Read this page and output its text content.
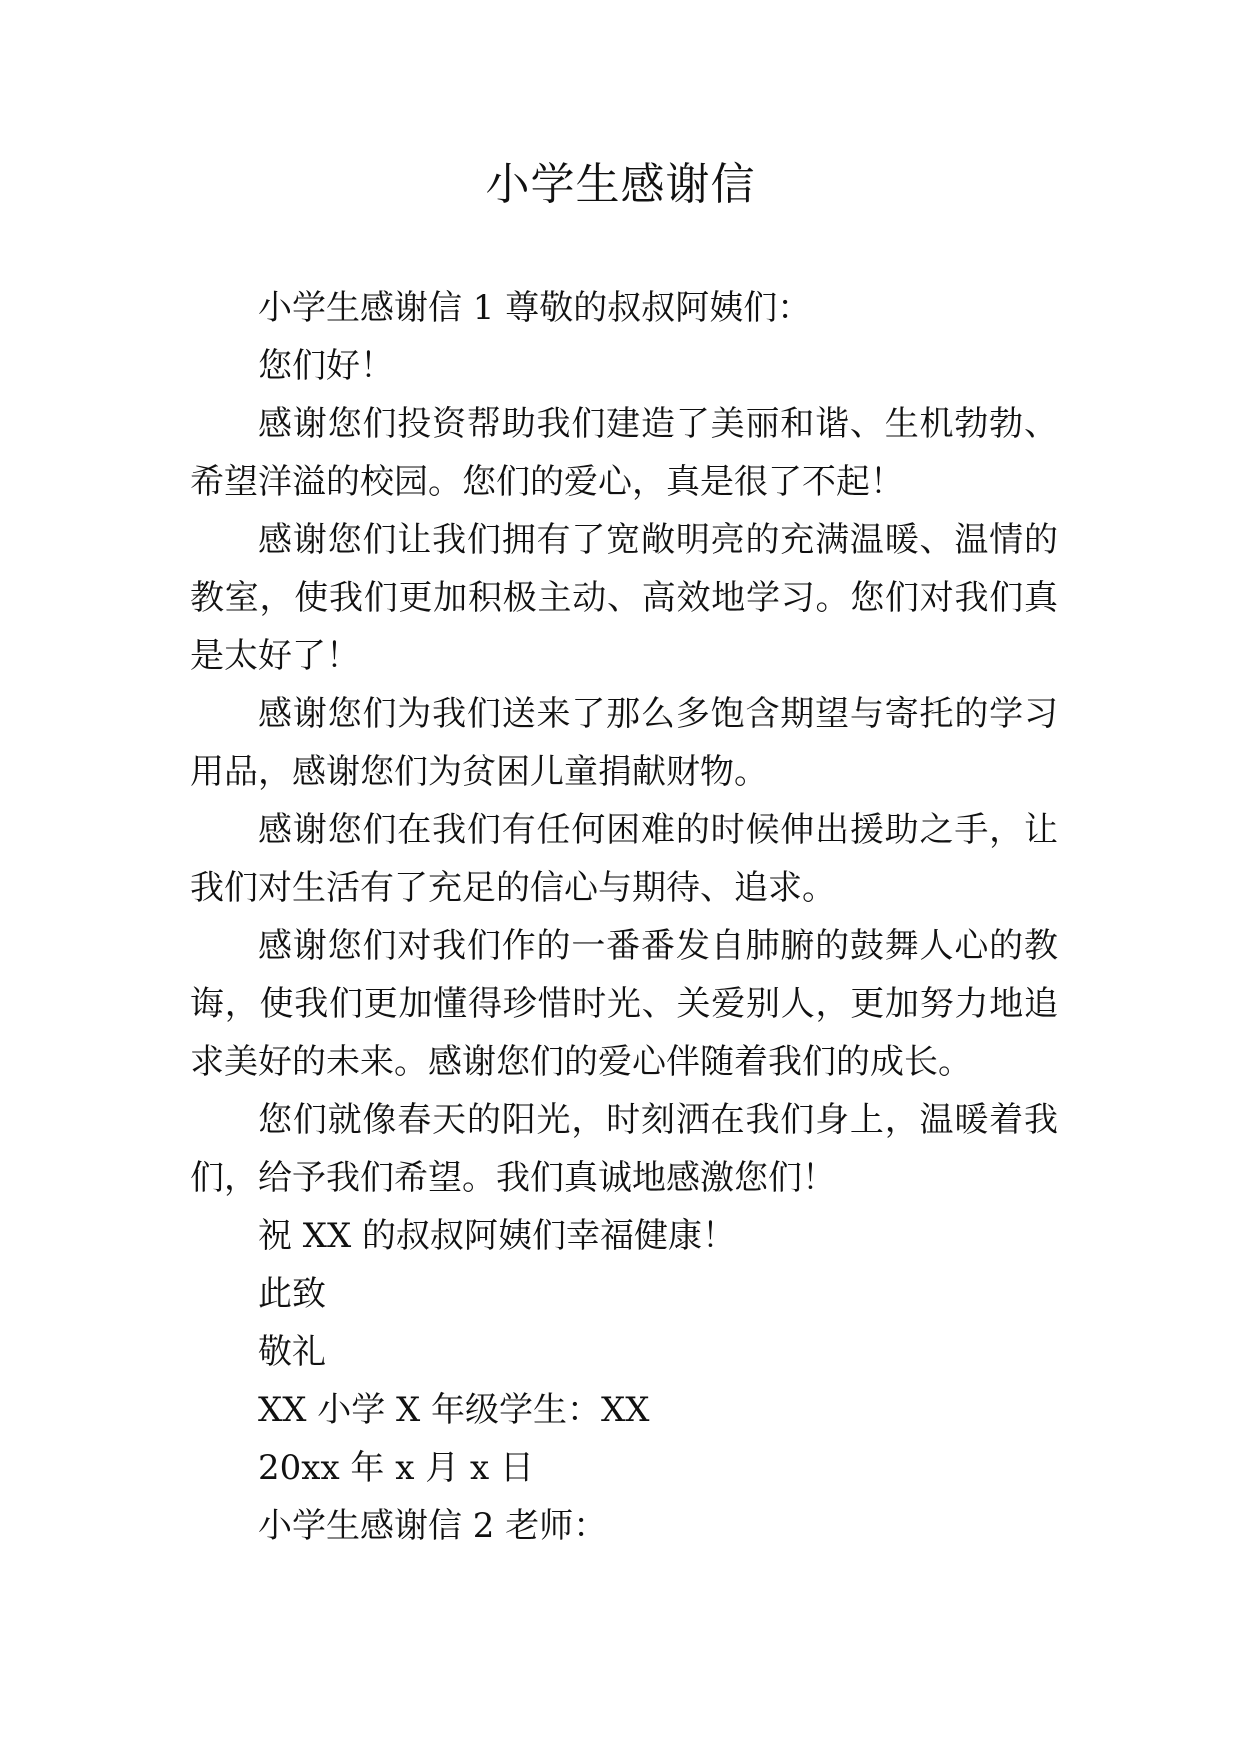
小学生感谢信

小学生感谢信 1 尊敬的叔叔阿姨们：

您们好！

感谢您们投资帮助我们建造了美丽和谐、生机勃勃、希望洋溢的校园。您们的爱心，真是很了不起！

感谢您们让我们拥有了宽敞明亮的充满温暖、温情的教室，使我们更加积极主动、高效地学习。您们对我们真是太好了！

感谢您们为我们送来了那么多饱含期望与寄托的学习用品，感谢您们为贫困儿童捐献财物。

感谢您们在我们有任何困难的时候伸出援助之手，让我们对生活有了充足的信心与期待、追求。

感谢您们对我们作的一番番发自肺腑的鼓舞人心的教诲，使我们更加懂得珍惜时光、关爱别人，更加努力地追求美好的未来。感谢您们的爱心伴随着我们的成长。

您们就像春天的阳光，时刻洒在我们身上，温暖着我们，给予我们希望。我们真诚地感激您们！

祝 XX 的叔叔阿姨们幸福健康！

此致

敬礼

XX 小学 X 年级学生：XX

20xx 年 x 月 x 日

小学生感谢信 2 老师：
